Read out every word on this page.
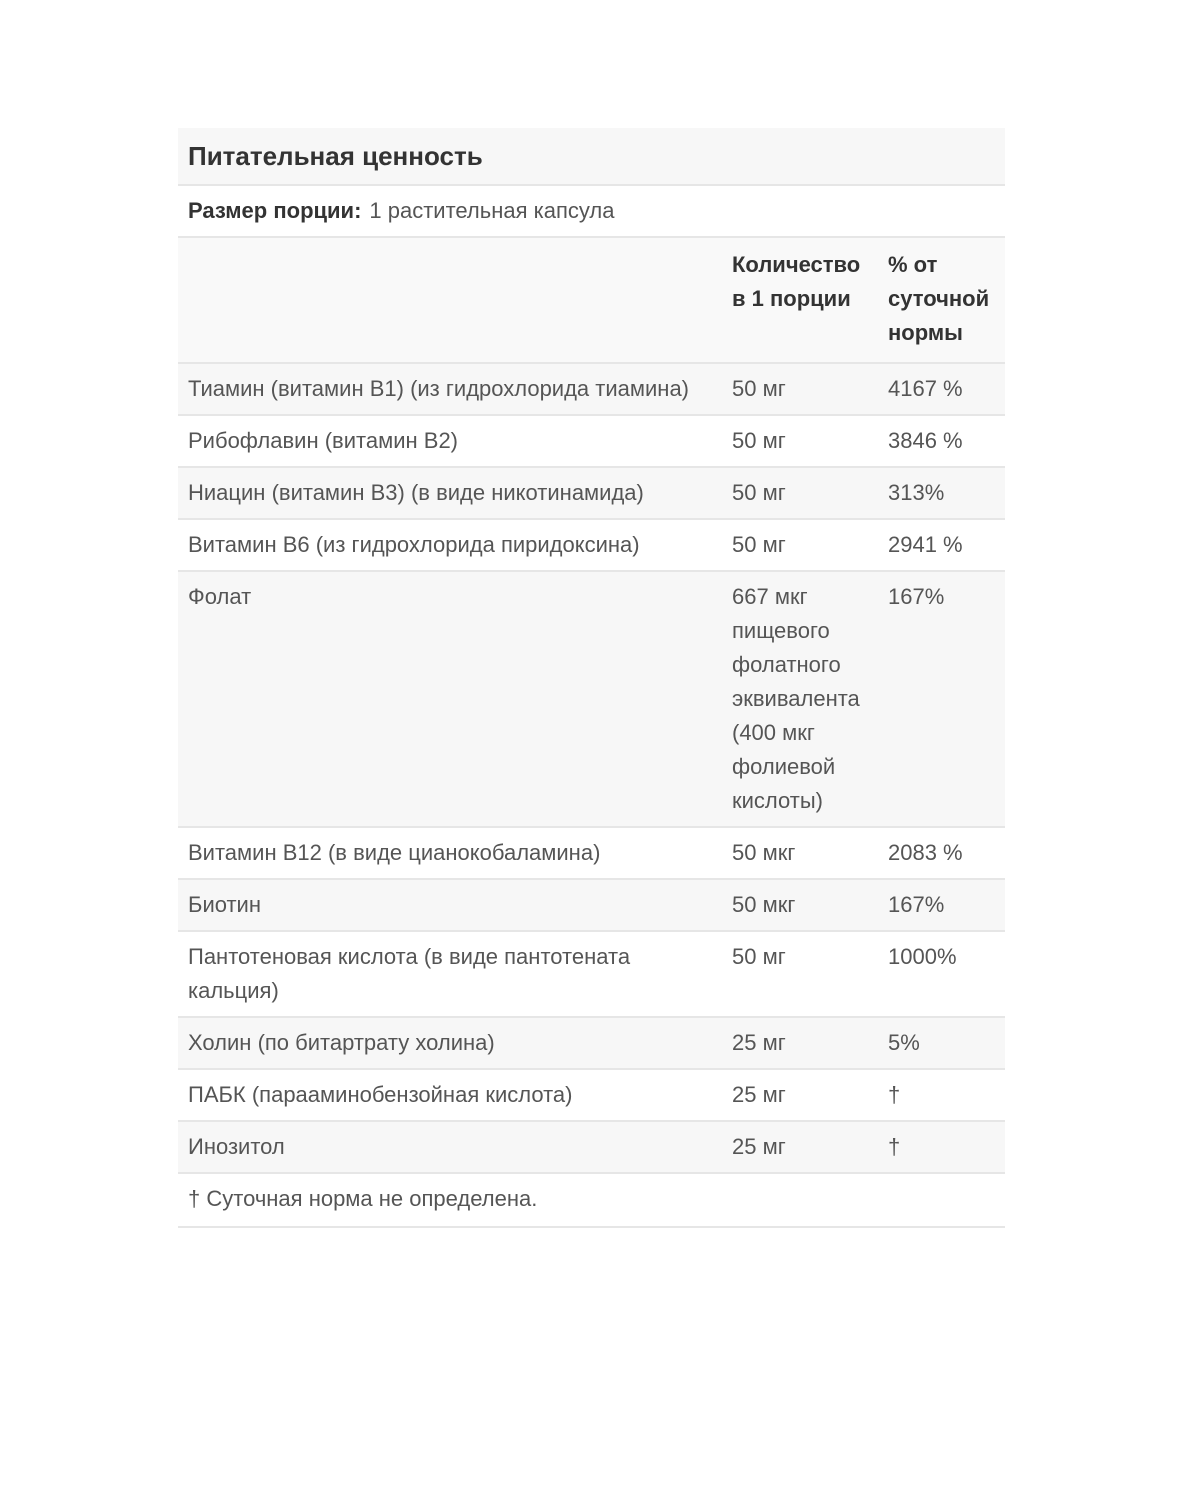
Питательная ценность
Размер порции: 1 растительная капсула
	Количество в 1 порции	% от суточной нормы
Тиамин (витамин B1) (из гидрохлорида тиамина)	50 мг	4167 %
Рибофлавин (витамин B2)	50 мг	3846 %
Ниацин (витамин B3) (в виде никотинамида)	50 мг	313%
Витамин B6 (из гидрохлорида пиридоксина)	50 мг	2941 %
Фолат	667 мкг пищевого фолатного эквивалента (400 мкг фолиевой кислоты)	167%
Витамин B12 (в виде цианокобаламина)	50 мкг	2083 %
Биотин	50 мкг	167%
Пантотеновая кислота (в виде пантотената кальция)	50 мг	1000%
Холин (по битартрату холина)	25 мг	5%
ПАБК (парааминобензойная кислота)	25 мг	†
Инозитол	25 мг	†
† Суточная норма не определена.
